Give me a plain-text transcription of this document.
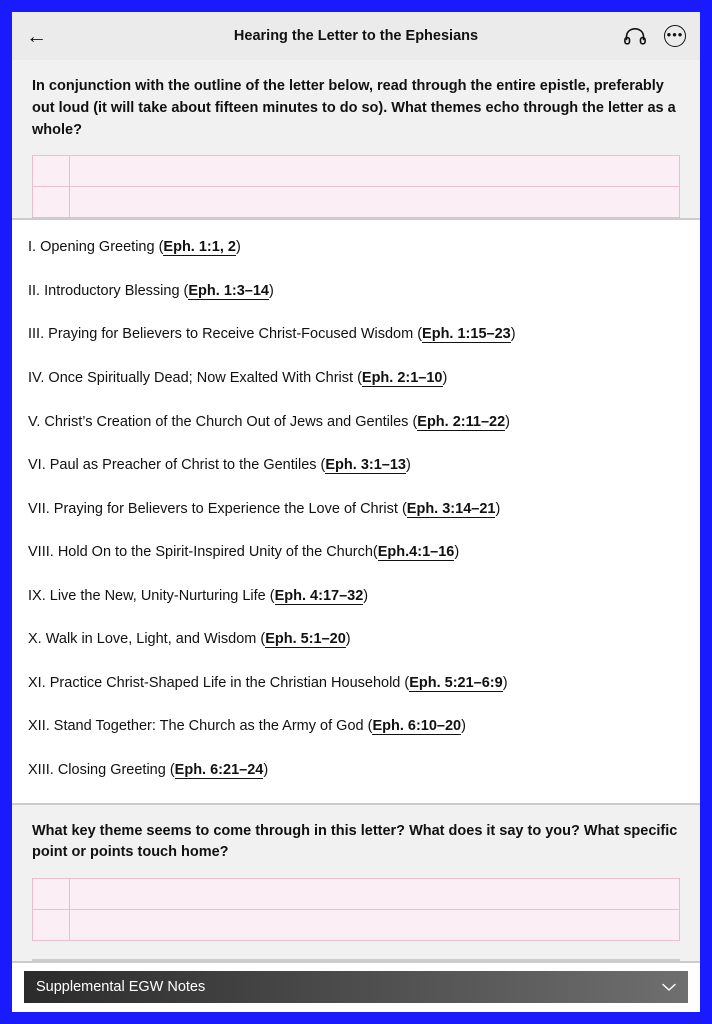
←	Hearing the Letter to the Ephesians	•••

In conjunction with the outline of the letter below, read through the entire epistle, preferably out loud (it will take about fifteen minutes to do so). What themes echo through the letter as a whole?

I. Opening Greeting (Eph. 1:1, 2)

II. Introductory Blessing (Eph. 1:3–14)

III. Praying for Believers to Receive Christ-Focused Wisdom (Eph. 1:15–23)

IV. Once Spiritually Dead; Now Exalted With Christ (Eph. 2:1–10)

V. Christ’s Creation of the Church Out of Jews and Gentiles (Eph. 2:11–22)

VI. Paul as Preacher of Christ to the Gentiles (Eph. 3:1–13)

VII. Praying for Believers to Experience the Love of Christ (Eph. 3:14–21)

VIII. Hold On to the Spirit-Inspired Unity of the Church(Eph.4:1–16)

IX. Live the New, Unity-Nurturing Life (Eph. 4:17–32)

X. Walk in Love, Light, and Wisdom (Eph. 5:1–20)

XI. Practice Christ-Shaped Life in the Christian Household (Eph. 5:21–6:9)

XII. Stand Together: The Church as the Army of God (Eph. 6:10–20)

XIII. Closing Greeting (Eph. 6:21–24)

What key theme seems to come through in this letter? What does it say to you? What specific point or points touch home?

Supplemental EGW Notes
